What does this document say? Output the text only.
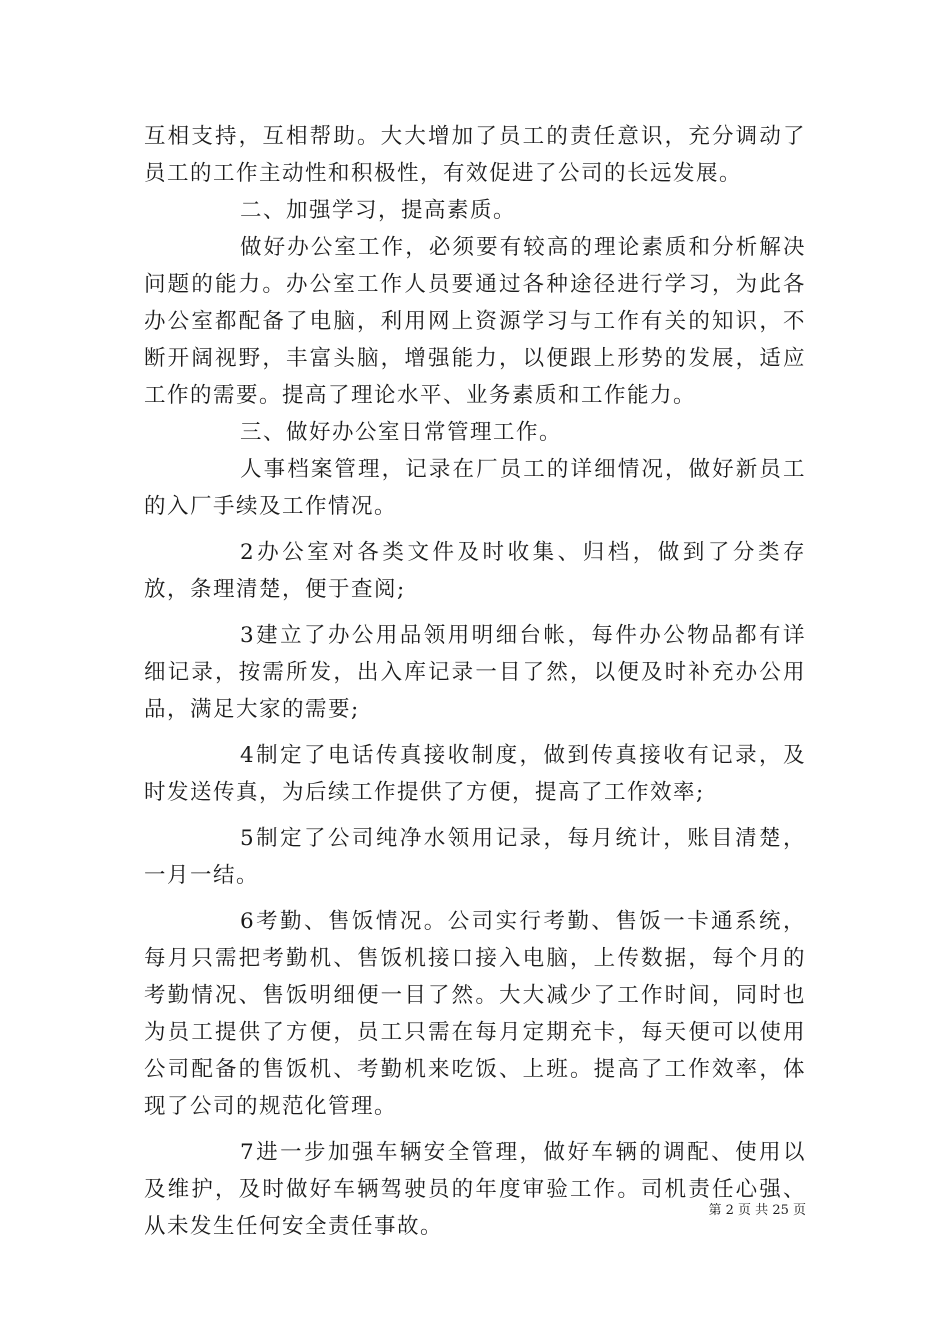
互相支持，互相帮助。大大增加了员工的责任意识，充分调动了员工的工作主动性和积极性，有效促进了公司的长远发展。

二、加强学习，提高素质。

做好办公室工作，必须要有较高的理论素质和分析解决问题的能力。办公室工作人员要通过各种途径进行学习，为此各办公室都配备了电脑，利用网上资源学习与工作有关的知识，不断开阔视野，丰富头脑，增强能力，以便跟上形势的发展，适应工作的需要。提高了理论水平、业务素质和工作能力。

三、做好办公室日常管理工作。

人事档案管理，记录在厂员工的详细情况，做好新员工的入厂手续及工作情况。

2办公室对各类文件及时收集、归档，做到了分类存放，条理清楚，便于查阅;

3建立了办公用品领用明细台帐，每件办公物品都有详细记录，按需所发，出入库记录一目了然，以便及时补充办公用品，满足大家的需要;

4制定了电话传真接收制度，做到传真接收有记录，及时发送传真，为后续工作提供了方便，提高了工作效率;

5制定了公司纯净水领用记录，每月统计，账目清楚，一月一结。

6考勤、售饭情况。公司实行考勤、售饭一卡通系统，每月只需把考勤机、售饭机接口接入电脑，上传数据，每个月的考勤情况、售饭明细便一目了然。大大减少了工作时间，同时也为员工提供了方便，员工只需在每月定期充卡，每天便可以使用公司配备的售饭机、考勤机来吃饭、上班。提高了工作效率，体现了公司的规范化管理。

7进一步加强车辆安全管理，做好车辆的调配、使用以及维护，及时做好车辆驾驶员的年度审验工作。司机责任心强、从未发生任何安全责任事故。

第 2 页 共 25 页
